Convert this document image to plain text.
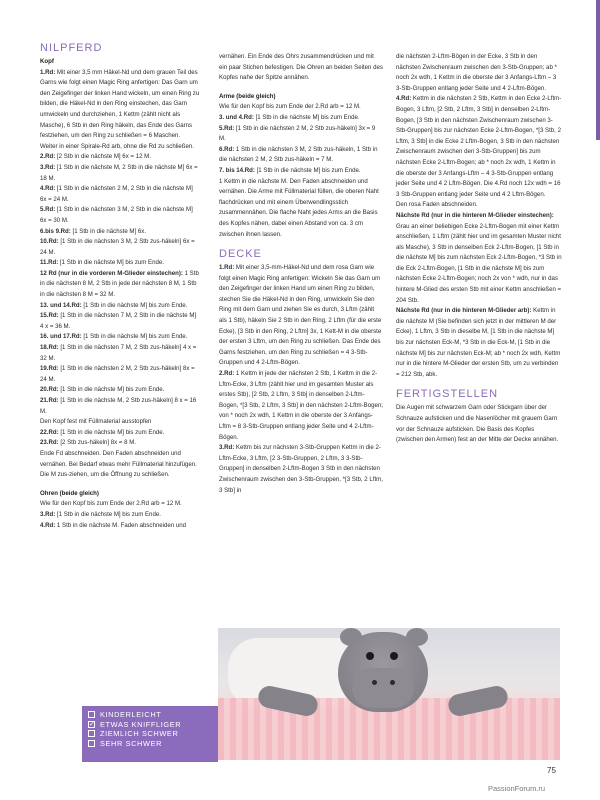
NILPFERD
Kopf
1.Rd: Mit einer 3,5 mm Häkel-Nd und dem grauen Teil des Garns wie folgt einen Magic Ring anfertigen: Das Garn um den Zeigefinger der linken Hand wickeln, um einen Ring zu bilden, die Häkel-Nd in den Ring einstechen, das Garn umwickeln und durchziehen, 1 Kettm (zählt nicht als Masche), 6 Stb in den Ring häkeln, das Ende des Garns festziehen, um den Ring zu schließen = 6 Maschen.
Weiter in einer Spirale-Rd arb, ohne die Rd zu schließen.
2.Rd: [2 Stb in die nächste M] 6x = 12 M.
3.Rd: [1 Stb in die nächste M, 2 Stb in die nächste M] 6x = 18 M.
4.Rd: [1 Stb in die nächsten 2 M, 2 Stb in die nächste M] 6x = 24 M.
5.Rd: [1 Stb in die nächsten 3 M, 2 Stb in die nächste M] 6x = 30 M.
6.bis 9.Rd: [1 Stb in die nächste M] 6x.
10.Rd: [1 Stb in die nächsten 3 M, 2 Stb zus-häkeln] 6x = 24 M.
11.Rd: [1 Stb in die nächste M] bis zum Ende.
12 Rd (nur in die vorderen M-Glieder einstechen): 1 Stb in die nächsten 8 M, 2 Stb in jede der nächsten 8 M, 1 Stb in die nächsten 8 M = 32 M.
13. und 14.Rd: [1 Stb in die nächste M] bis zum Ende.
15.Rd: [1 Stb in die nächsten 7 M, 2 Stb in die nächste M] 4 x = 36 M.
16. und 17.Rd: [1 Stb in die nächste M] bis zum Ende.
18.Rd: [1 Stb in die nächsten 7 M, 2 Stb zus-häkeln] 4 x = 32 M.
19.Rd: [1 Stb in die nächsten 2 M, 2 Stb zus-häkeln] 8x = 24 M.
20.Rd: [1 Stb in die nächste M] bis zum Ende.
21.Rd: [1 Stb in die nächste M, 2 Stb zus-häkeln] 8 x = 16 M.
Den Kopf fest mit Füllmaterial ausstopfen
22.Rd: [1 Stb in die nächste M] bis zum Ende.
23.Rd: [2 Stb zus-häkeln] 8x = 8 M.
Ende Fd abschneiden. Den Faden abschneiden und vernähen. Bei Bedarf etwas mehr Füllmaterial hinzufügen. Die M zus-ziehen, um die Öffnung zu schließen.
Ohren (beide gleich)
Wie für den Kopf bis zum Ende der 2.Rd arb = 12 M.
3.Rd: [1 Stb in die nächste M] bis zum Ende.
4.Rd: 1 Stb in die nächste M. Faden abschneiden und
vernähen. Ein Ende des Ohrs zusammendrücken und mit ein paar Stichen befestigen. Die Ohren an beiden Seiten des Kopfes nahe der Spitze annähen.
Arme (beide gleich)
Wie für den Kopf bis zum Ende der 2.Rd arb = 12 M.
3. und 4.Rd: [1 Stb in die nächste M] bis zum Ende.
5.Rd: [1 Stb in die nächsten 2 M, 2 Stb zus-häkeln] 3x = 9 M.
6.Rd: 1 Stb in die nächsten 3 M, 2 Stb zus-häkeln, 1 Stb in die nächsten 2 M, 2 Stb zus-häkeln = 7 M.
7. bis 14.Rd: [1 Stb in die nächste M] bis zum Ende.
1 Kettm in die nächste M. Den Faden abschneiden und vernähen. Die Arme mit Füllmaterial füllen, die oberen Naht flachdrücken und mit einem Überwendlingsstich zusammennähen. Die flache Naht jedes Arms an die Basis des Kopfes nähen, dabei einen Abstand von ca. 3 cm zwischen ihnen lassen.
DECKE
1.Rd: Mit einer 3,5-mm-Häkel-Nd und dem rosa Garn wie folgt einen Magic Ring anfertigen: Wickeln Sie das Garn um den Zeigefinger der linken Hand um einen Ring zu bilden, stechen Sie die Häkel-Nd in den Ring, umwickeln Sie den Ring mit dem Garn und ziehen Sie es durch, 3 Lftm (zählt als 1 Stb), häkeln Sie 2 Stb in den Ring, 2 Lftm (für die erste Ecke), [3 Stb in den Ring, 2 Lftm] 3x, 1 Kett-M in die oberste der ersten 3 Lftm, um den Ring zu schließen. Das Ende des Garns festziehen, um den Ring zu schließen = 4 3-Stb-Gruppen und 4 2-Lftm-Bögen.
2.Rd: 1 Kettm in jede der nächsten 2 Stb, 1 Kettm in die 2-Lftm-Ecke, 3 Lftm (zählt hier und im gesamten Muster als erstes Stb), [2 Stb, 2 Lftm, 3 Stb] in denselben 2-Lftm-Bogen, *[3 Stb, 2 Lftm, 3 Stb] in den nächsten 2-Lftm-Bogen; von * noch 2x wdh, 1 Kettm in die oberste der 3 Anfangs-Lftm = 8 3-Stb-Gruppen entlang jeder Seite und 4 2-Lftm-Bögen.
3.Rd: Kettm bis zur nächsten 3-Stb-Gruppen Kettm in die 2-Lftm-Ecke, 3 Lftm, [2 3-Stb-Gruppen, 2 Lftm, 3 3-Stb-Gruppen] in denselben 2-Lftm-Bogen 3 Stb in den nächsten Zwischenraum zwischen den 3-Stb-Gruppen, *[3 Stb, 2 Lftm, 3 Stb] in
die nächsten 2-Lftm-Bögen in der Ecke, 3 Stb in den nächsten Zwischenraum zwischen den 3-Stb-Gruppen; ab * noch 2x wdh, 1 Kettm in die oberste der 3 Anfangs-Lftm – 3 3-Stb-Gruppen entlang jeder Seite und 4 2-Lftm-Bögen.
4.Rd: Kettm in die nächsten 2 Stb, Kettm in den Ecke 2-Lftm-Bogen, 3 Lftm, [2 Stb, 2 Lftm, 3 Stb] in denselben 2-Lftm-Bogen, [3 Stb in den nächsten Zwischenraum zwischen 3-Stb-Gruppen] bis zur nächsten Ecke 2-Lftm-Bogen, *[3 Stb, 2 Lftm, 3 Stb] in die Ecke 2 Lftm-Bogen, 3 Stb in den nächsten Zwischenraum zwischen den 3-Stb-Gruppen] bis zum nächsten Ecke 2-Lftm-Bogen; ab * noch 2x wdh, 1 Kettm in die oberste der 3 Anfangs-Lftm – 4 3-Stb-Gruppen entlang jeder Seite und 4 2 Lftm-Bögen. Die 4.Rd noch 12x wdh = 16 3 Stb-Gruppen entlang jeder Seite und 4 2 Lftm-Bögen.
Den rosa Faden abschneiden.
Nächste Rd (nur in die hinteren M-Glieder einstechen): Grau an einer beliebigen Ecke 2-Lftm-Bogen mit einer Kettm anschließen, 1 Lftm (zählt hier und im gesamten Muster nicht als Masche), 3 Stb in denselben Eck 2-Lftm-Bogen, [1 Stb in die nächste M] bis zum nächsten Eck 2-Lftm-Bogen, *3 Stb in die Eck 2-Lftm-Bogen, [1 Stb in die nächste M] bis zum nächsten Ecke 2-Lftm-Bogen; noch 2x von * wdh, nur in das hintere M-Glied des ersten Stb mit einer Kettm anschließen = 204 Stb.
Nächste Rd (nur in die hinteren M-Glieder arb): Kettm in die nächste M (Sie befinden sich jetzt in der mittleren M der Ecke), 1 Lftm, 3 Stb in dieselbe M, [1 Stb in die nächste M] bis zur nächsten Eck-M, *3 Stb in die Eck-M, [1 Stb in die nächste M] bis zur nächsten Eck-M; ab * noch 2x wdh, Kettm nur in die hintere M-Glieder der ersten Stb, um zu verbinden = 212 Stb, abk.
FERTIGSTELLEN
Die Augen mit schwarzem Garn oder Stickgarn über der Schnauze aufsticken und die Nasenlöcher mit grauem Garn vor der Schnauze aufsticken. Die Basis des Kopfes (zwischen den Armen) fest an der Mitte der Decke annähen.
KINDERLEICHT
✓ ETWAS KNIFFLIGER
ZIEMLICH SCHWER
SEHR SCHWER
75
PassionForum.ru
